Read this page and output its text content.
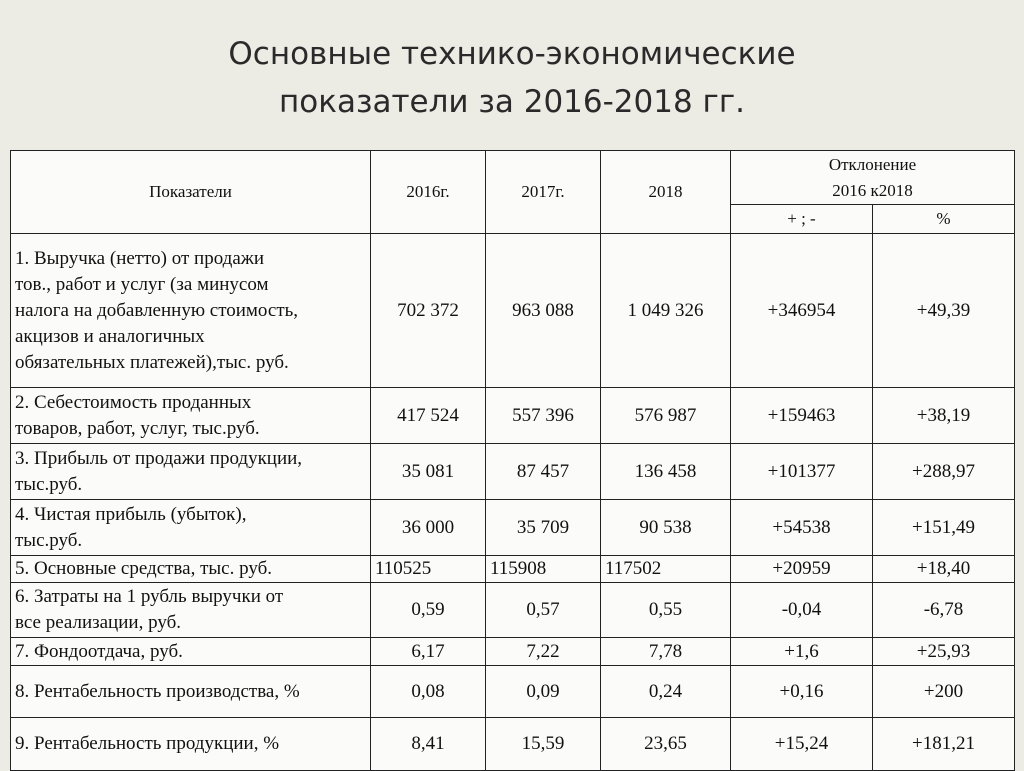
Основные технико-экономические
показатели за 2016-2018 гг.
Показатели	2016г.	2017г.	2018	Отклонение
2016 к2018	

				+ ; -	%

1. Выручка (нетто) от продажи
тов., работ и услуг (за минусом
налога на добавленную стоимость,
акцизов и аналогичных
обязательных платежей),тыс. руб.	702 372	963 088	1 049 326	+346954	+49,39

2. Себестоимость проданных
товаров, работ, услуг, тыс.руб.	417 524	557 396	576 987	+159463	+38,19

3. Прибыль от продажи продукции,
тыс.руб.	35 081	87 457	136 458	+101377	+288,97

4. Чистая прибыль (убыток),
тыс.руб.	36 000	35 709	90 538	+54538	+151,49

5. Основные средства, тыс. руб.	110525	115908	117502	+20959	+18,40

6. Затраты на 1 рубль выручки от
все реализации, руб.	0,59	0,57	0,55	-0,04	-6,78

7. Фондоотдача, руб.	6,17	7,22	7,78	+1,6	+25,93

8. Рентабельность производства, %	0,08	0,09	0,24	+0,16	+200

9. Рентабельность продукции, %	8,41	15,59	23,65	+15,24	+181,21
